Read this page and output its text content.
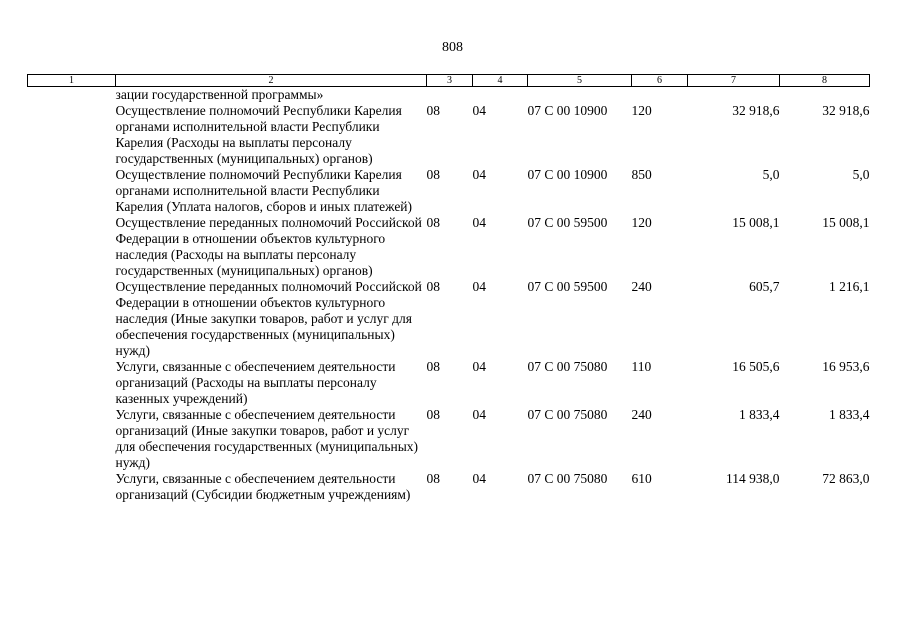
808
1	2	3	4	5	6	7	8
	зации государственной программы»						
	Осуществление полномочий Республики Карелия органами исполнительной власти Республики Карелия (Расходы на выплаты персоналу государственных (муниципальных) органов)	08	04	07 С 00 10900	120	32 918,6	32 918,6
	Осуществление полномочий Республики Карелия органами исполнительной власти Республики Карелия (Уплата налогов, сборов и иных платежей)	08	04	07 С 00 10900	850	5,0	5,0
	Осуществление переданных полномочий Российской Федерации в отношении объектов культурного наследия (Расходы на выплаты персоналу государственных (муниципальных) органов)	08	04	07 С 00 59500	120	15 008,1	15 008,1
	Осуществление переданных полномочий Российской Федерации в отношении объектов культурного наследия (Иные закупки товаров, работ и услуг для обеспечения государственных (муниципальных) нужд)	08	04	07 С 00 59500	240	605,7	1 216,1
	Услуги, связанные с обеспечением деятельности организаций (Расходы на выплаты персоналу казенных учреждений)	08	04	07 С 00 75080	110	16 505,6	16 953,6
	Услуги, связанные с обеспечением деятельности организаций (Иные закупки товаров, работ и услуг для обеспечения государственных (муниципальных) нужд)	08	04	07 С 00 75080	240	1 833,4	1 833,4
	Услуги, связанные с обеспечением деятельности организаций (Субсидии бюджетным учреждениям)	08	04	07 С 00 75080	610	114 938,0	72 863,0
